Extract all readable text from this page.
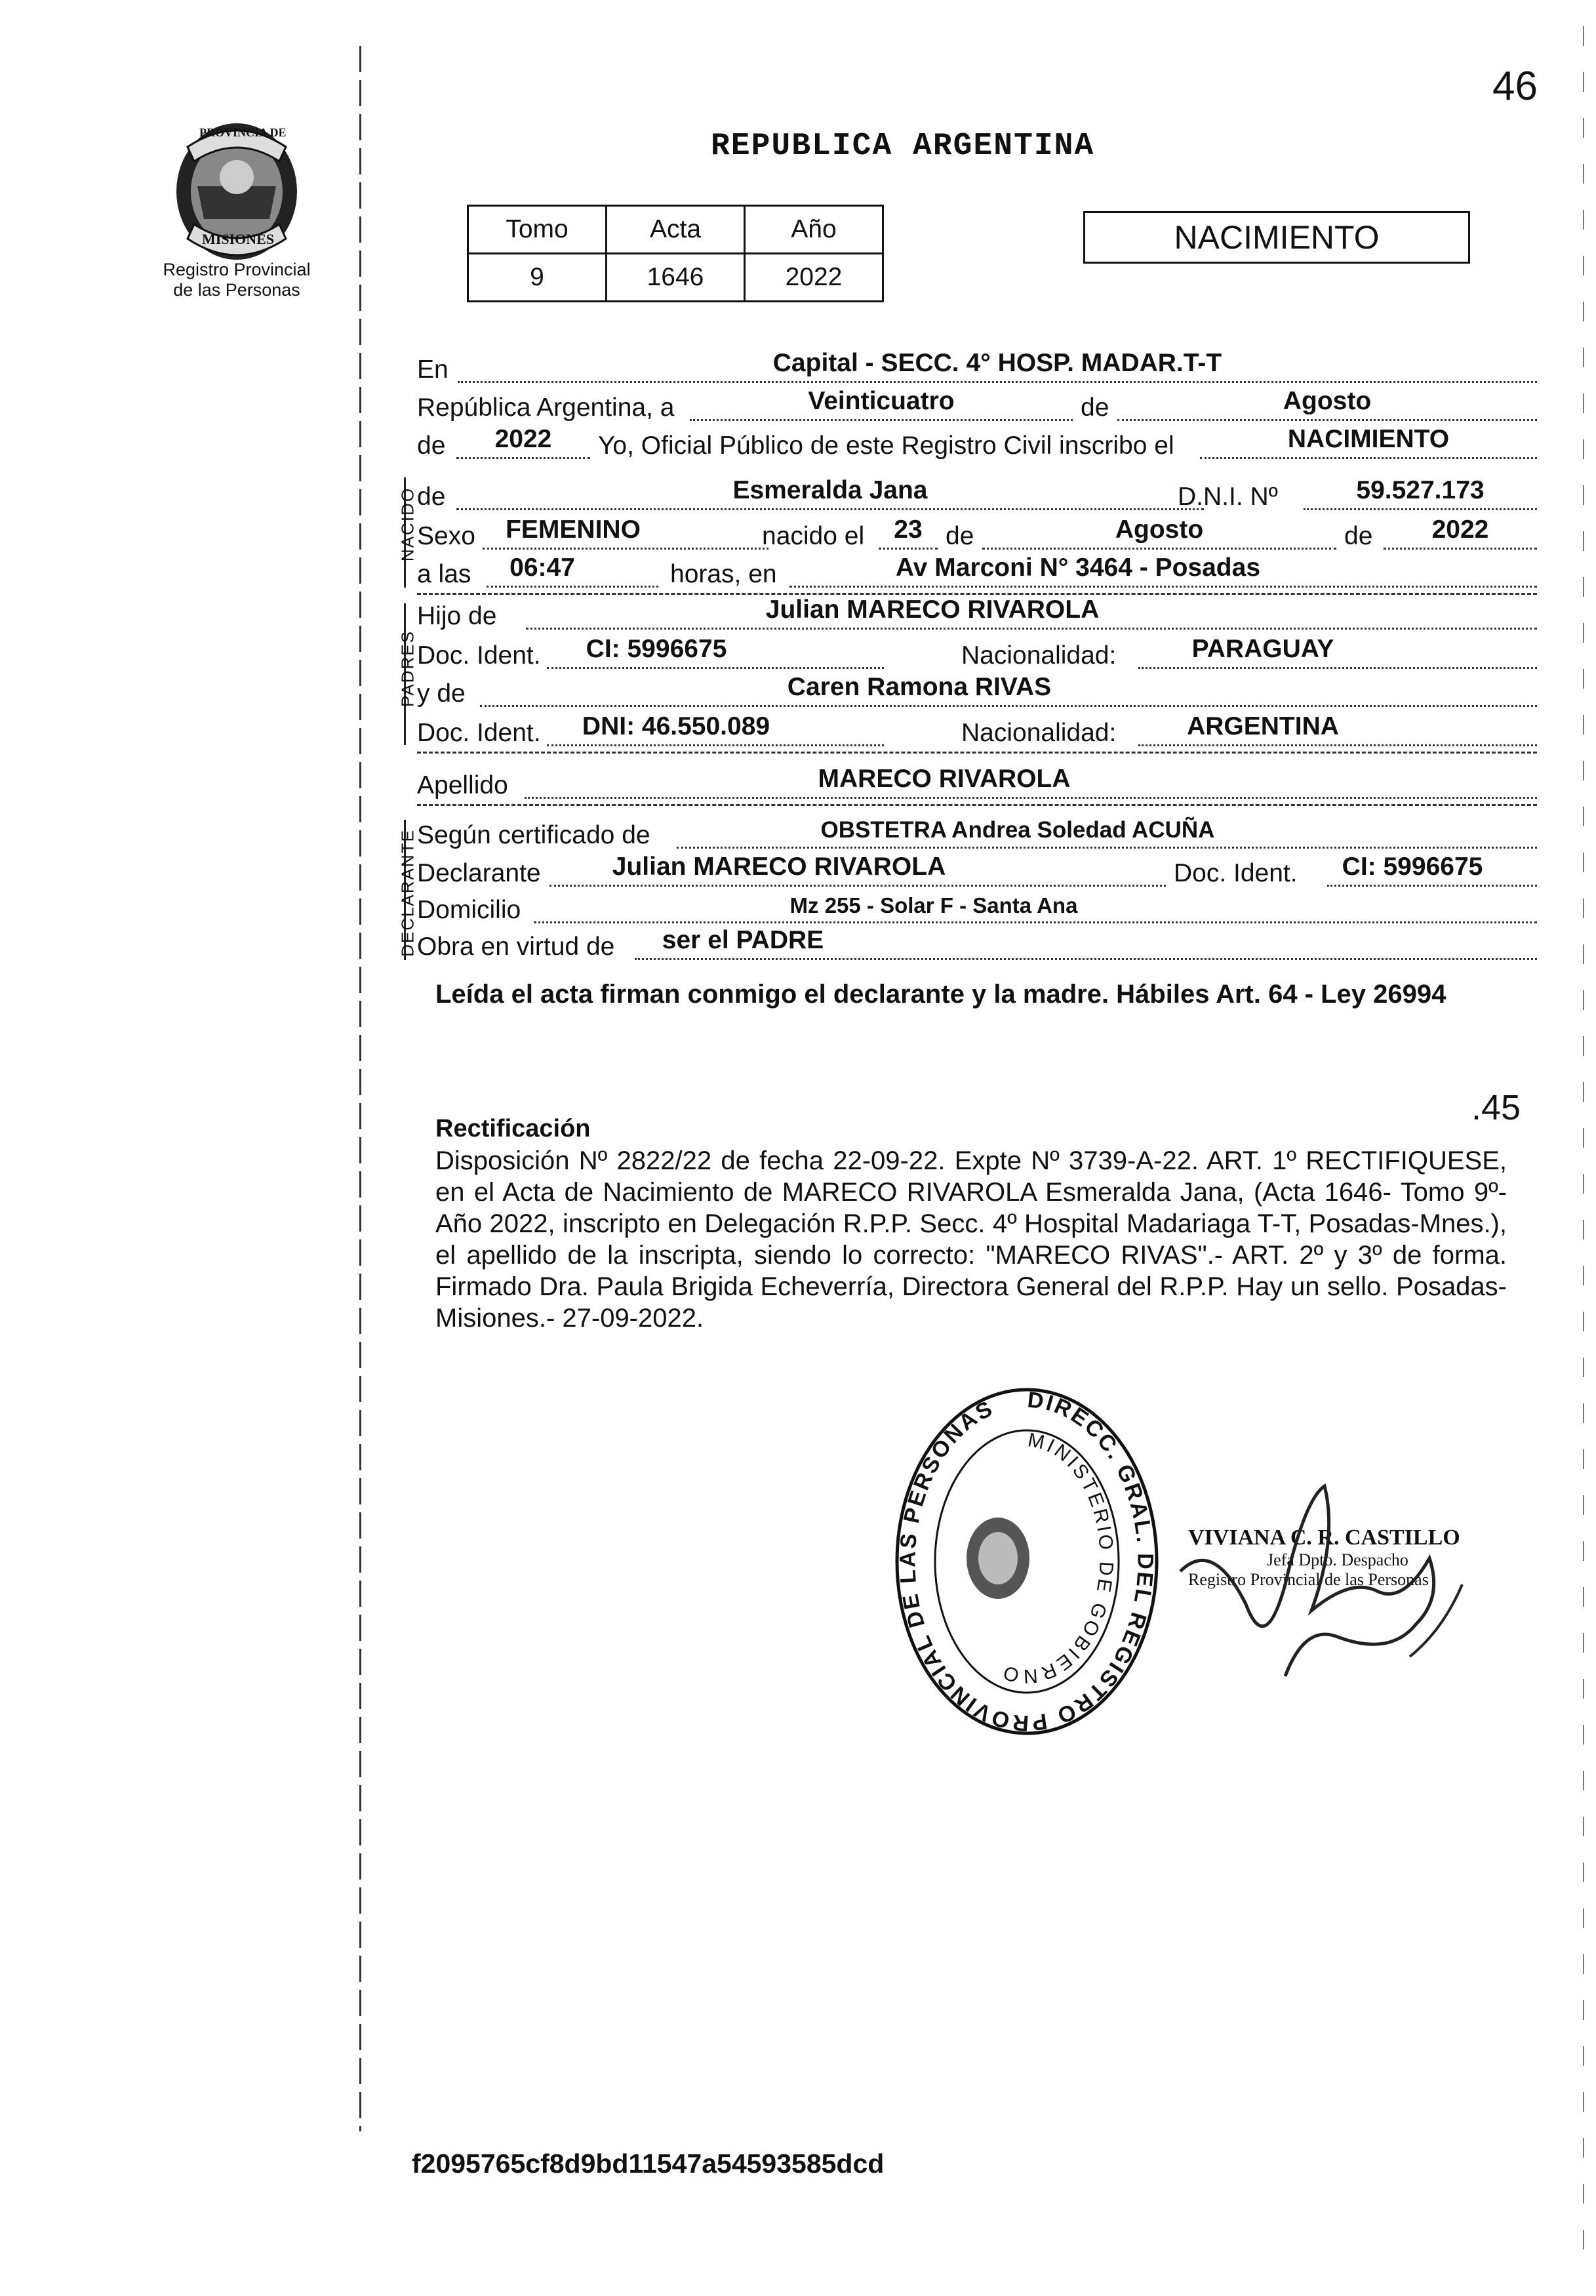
46
PROVINCIA DE
MISIONES
Registro Provincial
de las Personas
REPUBLICA ARGENTINA
Tomo	Acta	Año
9	1646	2022
NACIMIENTO
En	Capital - SECC. 4° HOSP. MADAR.T-T
República Argentina, a	Veinticuatro	de	Agosto
de	2022	Yo, Oficial Público de este Registro Civil inscribo el	NACIMIENTO
NACIDO de	Esmeralda Jana	D.N.I. Nº	59.527.173
Sexo	FEMENINO	nacido el	23 de	Agosto	de	2022
a las	06:47	horas, en	Av Marconi N° 3464 - Posadas
PADRES
Hijo de	Julian MARECO RIVAROLA
Doc. Ident.	CI: 5996675	Nacionalidad:	PARAGUAY
y de	Caren Ramona RIVAS
Doc. Ident.	DNI: 46.550.089	Nacionalidad:	ARGENTINA
Apellido	MARECO RIVAROLA
DECLARANTE Según certificado de	OBSTETRA Andrea Soledad ACUÑA
Declarante	Julian MARECO RIVAROLA	Doc. Ident.	CI: 5996675
Domicilio	Mz 255 - Solar F - Santa Ana
Obra en virtud de	ser el PADRE
Leída el acta firman conmigo el declarante y la madre. Hábiles Art. 64 - Ley 26994
.45
Rectificación
Disposición Nº 2822/22 de fecha 22-09-22. Expte Nº 3739-A-22. ART. 1º RECTIFIQUESE, en el Acta de Nacimiento de MARECO RIVAROLA Esmeralda Jana, (Acta 1646- Tomo 9º- Año 2022, inscripto en Delegación R.P.P. Secc. 4º Hospital Madariaga T-T, Posadas-Mnes.), el apellido de la inscripta, siendo lo correcto: "MARECO RIVAS".- ART. 2º y 3º de forma. Firmado Dra. Paula Brigida Echeverría, Directora General del R.P.P. Hay un sello. Posadas- Misiones.- 27-09-2022.
DIRECC. GRAL. DEL REGISTRO PROVINCIAL DE LAS PERSONAS
MINISTERIO DE GOBIERNO
VIVIANA C. R. CASTILLO
Jefa Dpto. Despacho
Registro Provincial de las Personas
f2095765cf8d9bd11547a54593585dcd
